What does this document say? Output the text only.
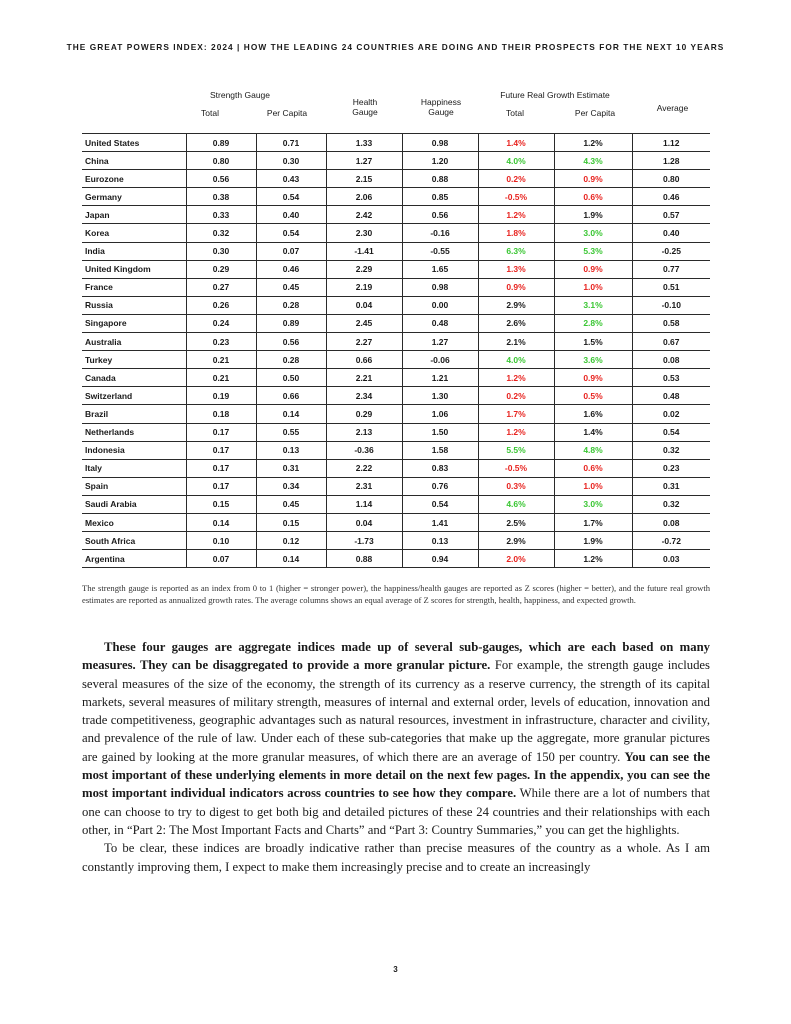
THE GREAT POWERS INDEX: 2024 | HOW THE LEADING 24 COUNTRIES ARE DOING AND THEIR PROSPECTS FOR THE NEXT 10 YEARS
Strength Gauge
Total	Per Capita
Health
Gauge
Happiness
Gauge
Future Real Growth Estimate
Total	Per Capita	Average
United States	0.89	0.71	1.33	0.98	1.4%	1.2%	1.12
China	0.80	0.30	1.27	1.20	4.0%	4.3%	1.28
Eurozone	0.56	0.43	2.15	0.88	0.2%	0.9%	0.80
Germany	0.38	0.54	2.06	0.85	-0.5%	0.6%	0.46
Japan	0.33	0.40	2.42	0.56	1.2%	1.9%	0.57
Korea	0.32	0.54	2.30	-0.16	1.8%	3.0%	0.40
India	0.30	0.07	-1.41	-0.55	6.3%	5.3%	-0.25
United Kingdom	0.29	0.46	2.29	1.65	1.3%	0.9%	0.77
France	0.27	0.45	2.19	0.98	0.9%	1.0%	0.51
Russia	0.26	0.28	0.04	0.00	2.9%	3.1%	-0.10
Singapore	0.24	0.89	2.45	0.48	2.6%	2.8%	0.58
Australia	0.23	0.56	2.27	1.27	2.1%	1.5%	0.67
Turkey	0.21	0.28	0.66	-0.06	4.0%	3.6%	0.08
Canada	0.21	0.50	2.21	1.21	1.2%	0.9%	0.53
Switzerland	0.19	0.66	2.34	1.30	0.2%	0.5%	0.48
Brazil	0.18	0.14	0.29	1.06	1.7%	1.6%	0.02
Netherlands	0.17	0.55	2.13	1.50	1.2%	1.4%	0.54
Indonesia	0.17	0.13	-0.36	1.58	5.5%	4.8%	0.32
Italy	0.17	0.31	2.22	0.83	-0.5%	0.6%	0.23
Spain	0.17	0.34	2.31	0.76	0.3%	1.0%	0.31
Saudi Arabia	0.15	0.45	1.14	0.54	4.6%	3.0%	0.32
Mexico	0.14	0.15	0.04	1.41	2.5%	1.7%	0.08
South Africa	0.10	0.12	-1.73	0.13	2.9%	1.9%	-0.72
Argentina	0.07	0.14	0.88	0.94	2.0%	1.2%	0.03
The strength gauge is reported as an index from 0 to 1 (higher = stronger power), the happiness/health gauges are reported as Z scores (higher = better), and the future real growth estimates are reported as annualized growth rates. The average columns shows an equal average of Z scores for strength, health, happiness, and expected growth.

These four gauges are aggregate indices made up of several sub-gauges, which are each based on many measures. They can be disaggregated to provide a more granular picture. For example, the strength gauge includes several measures of the size of the economy, the strength of its currency as a reserve currency, the strength of its capital markets, several measures of military strength, measures of internal and external order, levels of education, innovation and trade competitiveness, geographic advantages such as natural resources, investment in infrastructure, character and civility, and prevalence of the rule of law. Under each of these sub-categories that make up the aggregate, more granular pictures are gained by looking at the more granular measures, of which there are an average of 150 per country. You can see the most important of these underlying elements in more detail on the next few pages. In the appendix, you can see the most important individual indicators across countries to see how they compare. While there are a lot of numbers that one can choose to try to digest to get both big and detailed pictures of these 24 countries and their relationships with each other, in “Part 2: The Most Important Facts and Charts” and “Part 3: Country Summaries,” you can get the highlights.

To be clear, these indices are broadly indicative rather than precise measures of the country as a whole. As I am constantly improving them, I expect to make them increasingly precise and to create an increasingly

3
